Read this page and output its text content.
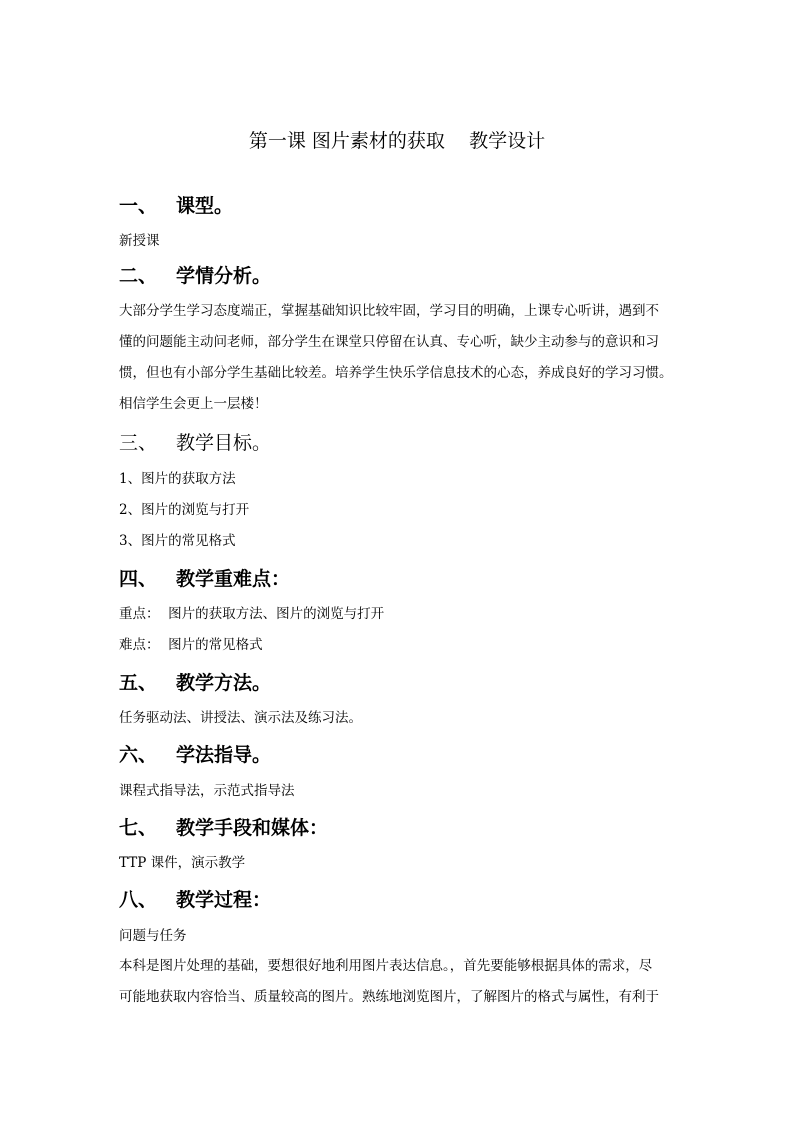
第一课 图片素材的获取    教学设计
一、 课型。
新授课
二、 学情分析。
大部分学生学习态度端正，掌握基础知识比较牢固，学习目的明确，上课专心听讲，遇到不
懂的问题能主动问老师，部分学生在课堂只停留在认真、专心听，缺少主动参与的意识和习
惯，但也有小部分学生基础比较差。培养学生快乐学信息技术的心态，养成良好的学习习惯。
相信学生会更上一层楼！
三、 教学目标。
1、图片的获取方法
2、图片的浏览与打开
3、图片的常见格式
四、 教学重难点：
重点：  图片的获取方法、图片的浏览与打开
难点：  图片的常见格式
五、 教学方法。
任务驱动法、讲授法、演示法及练习法。
六、 学法指导。
课程式指导法，示范式指导法
七、 教学手段和媒体：
TTP 课件，演示教学
八、 教学过程：
问题与任务
本科是图片处理的基础，要想很好地利用图片表达信息。，首先要能够根据具体的需求，尽
可能地获取内容恰当、质量较高的图片。熟练地浏览图片，了解图片的格式与属性，有利于
